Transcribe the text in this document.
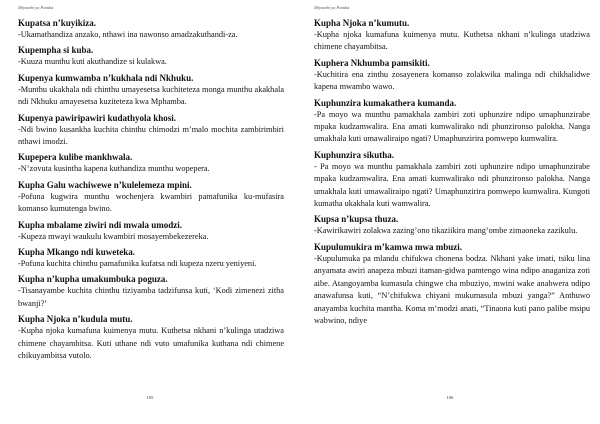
Miyambi ya Patuka
Kupatsa n’kuyikiza.
-Ukamathandiza anzako, nthawi ina nawonso amadzakuthandi-za.
Kupempha si kuba.
-Kuuza munthu kuti akuthandize si kulakwa.
Kupenya kumwamba n’kukhala ndi Nkhuku.
-Munthu ukakhala ndi chinthu umayesetsa kuchiteteza monga munthu akakhala ndi Nkhuku amayesetsa kuziteteza kwa Mphamba.
Kupenya pawiripawiri kudathyola khosi.
-Ndi bwino kusankha kuchita chinthu chimodzi m’malo mochita zambirimbiri nthawi imodzi.
Kupepera kulibe mankhwala.
-N’zovuta kusintha kapena kuthandiza munthu wopepera.
Kupha Galu wachiwewe n’kulelemeza mpini.
-Pofuna kugwira munthu wochenjera kwambiri pamafunika ku-mufasira komanso kumutenga bwino.
Kupha mbalame ziwiri ndi mwala umodzi.
-Kupeza mwayi waukulu kwambiri mosayembekezereka.
Kupha Mkango ndi kuweteka.
-Pofuna kuchita chinthu pamafunika kufatsa ndi kupeza nzeru yeniyeni.
Kupha n’kupha umakumbuka poguza.
-Tisanayambe kuchita chinthu tiziyamba tadzifunsa kuti, ‘Kodi zimenezi zitha bwanji?’
Kupha Njoka n’kudula mutu.
-Kupha njoka kumafuna kuimenya mutu. Kuthetsa nkhani n’kulinga utadziwa chimene chayambitsa. Kuti uthane ndi vuto umafunika kuthana ndi chimene chikuyambitsa vutolo.
105
Miyambi ya Patuka
Kupha Njoka n’kumutu.
-Kupha njoka kumafuna kuimenya mutu. Kuthetsa nkhani n’kulinga utadziwa chimene chayambitsa.
Kuphera Nkhumba pamsikiti.
-Kuchitira ena zinthu zosayenera komanso zolakwika malinga ndi chikhalidwe kapena mwambo wawo.
Kuphunzira kumakathera kumanda.
-Pa moyo wa munthu pamakhala zambiri zoti uphunzire ndipo umaphunzirabe mpaka kudzamwalira. Ena amati kumwalirako ndi phunzironso palokha. Nanga umakhala kuti umawaliraipo ngati? Umaphunzirira pomwepo kumwalira.
Kuphunzira sikutha.
- Pa moyo wa munthu pamakhala zambiri zoti uphunzire ndipo umaphunzirabe mpaka kudzamwalira. Ena amati kumwalirako ndi phunzironso palokha. Nanga umakhala kuti umawaliraipo ngati? Umaphunzirira pomwepo kumwalira. Kungoti kumatha ukakhala kuti wamwalira.
Kupsa n’kupsa thuza.
-Kawirikawiri zolakwa zazing’ono tikaziikira mang’ombe zimaoneka zazikulu.
Kupulumukira m’kamwa mwa mbuzi.
-Kupulumuka pa mlandu chifukwa chonena bodza. Nkhani yake imati, tsiku lina anyamata awiri anapeza mbuzi itaman-gidwa pamtengo wina ndipo anaganiza zoti aibe. Atangoyamba kumasula chingwe cha mbuziyo, mwini wake anabwera ndipo anawafunsa kuti, “N’chifukwa chiyani mukumasula mbuzi yanga?” Anthuwo anayamba kuchita mantha. Koma m’modzi anati, “Tinaona kuti pano palibe msipu wabwino, ndiye
106
